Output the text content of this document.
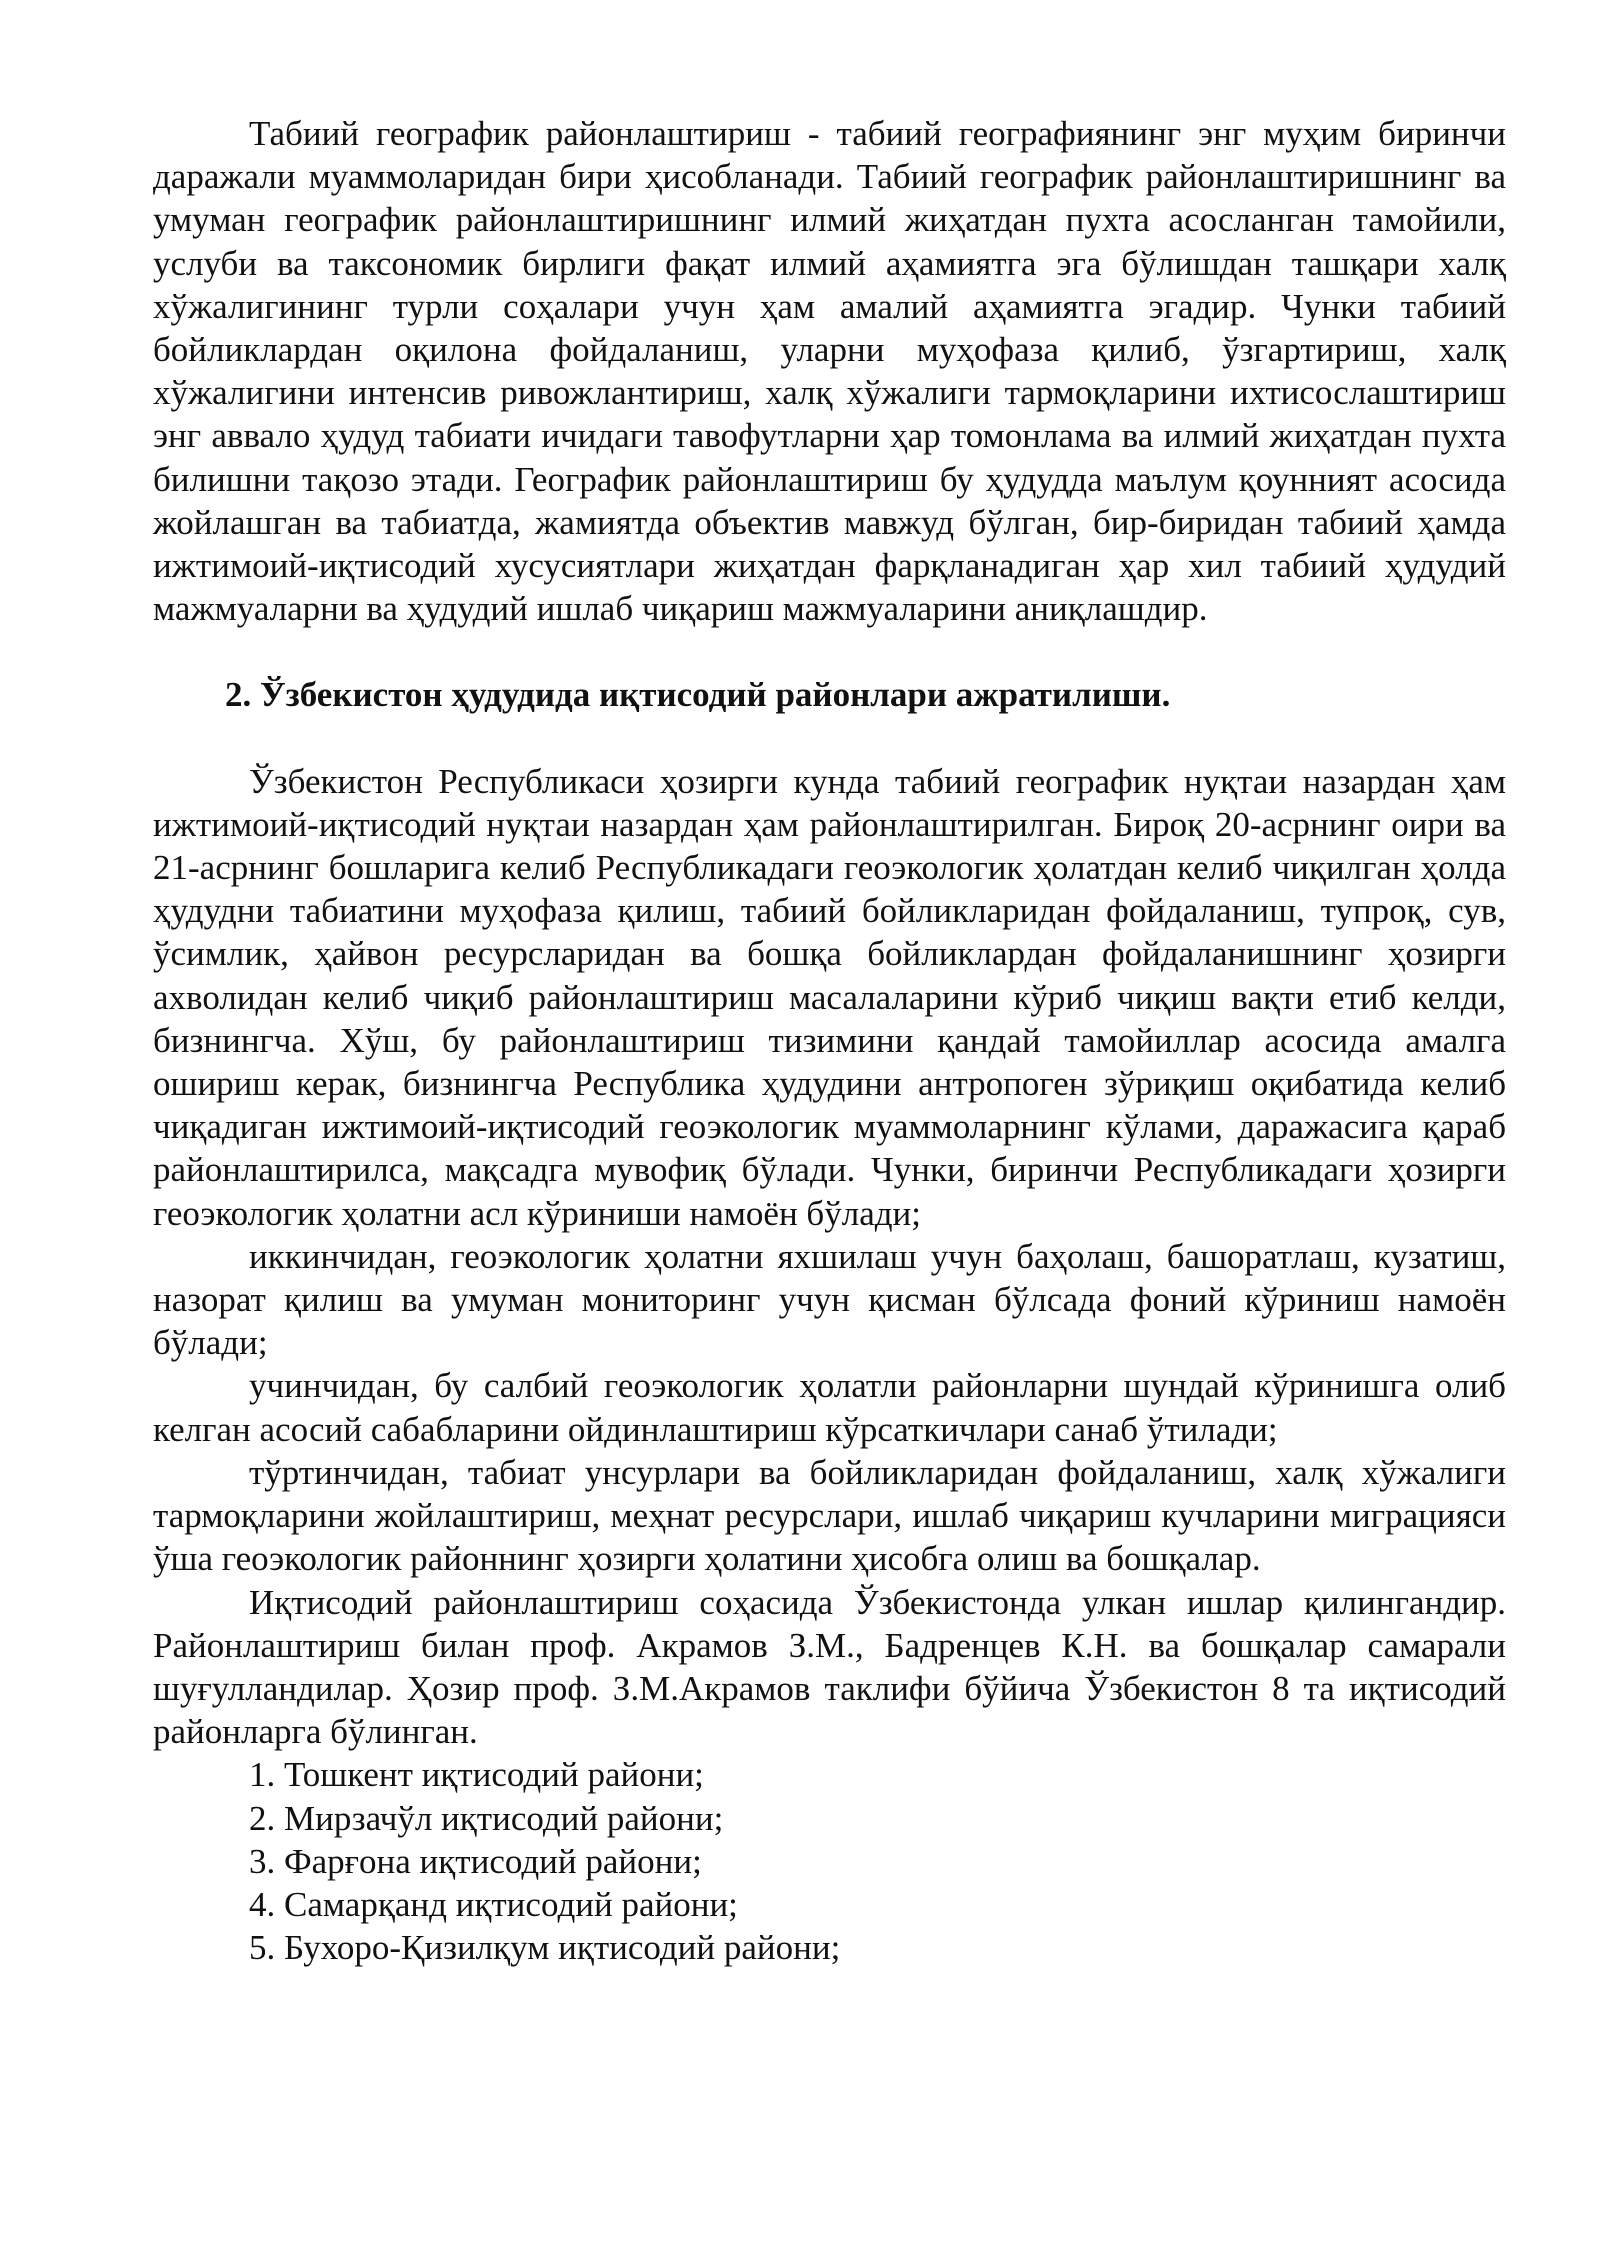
Табиий географик районлаштириш - табиий географиянинг энг муҳим биринчи даражали муаммоларидан бири ҳисобланади. Табиий географик районлаштиришнинг ва умуман географик районлаштиришнинг илмий жиҳатдан пухта асосланган тамойили, услуби ва таксономик бирлиги фақат илмий аҳамиятга эга бўлишдан ташқари халқ хўжалигининг турли соҳалари учун ҳам амалий аҳамиятга эгадир. Чунки табиий бойликлардан оқилона фойдаланиш, уларни муҳофаза қилиб, ўзгартириш, халқ хўжалигини интенсив ривожлантириш, халқ хўжалиги тармоқларини ихтисослаштириш энг аввало ҳудуд табиати ичидаги тавофутларни ҳар томонлама ва илмий жиҳатдан пухта билишни тақозо этади. Географик районлаштириш бу ҳудудда маълум қоунният асосида жойлашган ва табиатда, жамиятда объектив мавжуд бўлган, бир-биридан табиий ҳамда ижтимоий-иқтисодий хусусиятлари жиҳатдан фарқланадиган ҳар хил табиий ҳудудий мажмуаларни ва ҳудудий ишлаб чиқариш мажмуаларини аниқлашдир.

2. Ўзбекистон ҳудудида иқтисодий районлари ажратилиши.

Ўзбекистон Республикаси ҳозирги кунда табиий географик нуқтаи назардан ҳам ижтимоий-иқтисодий нуқтаи назардан ҳам районлаштирилган. Бироқ 20-асрнинг оири ва 21-асрнинг бошларига келиб Республикадаги геоэкологик ҳолатдан келиб чиқилган ҳолда ҳудудни табиатини муҳофаза қилиш, табиий бойликларидан фойдаланиш, тупроқ, сув, ўсимлик, ҳайвон ресурсларидан ва бошқа бойликлардан фойдаланишнинг ҳозирги ахволидан келиб чиқиб районлаштириш масалаларини кўриб чиқиш вақти етиб келди, бизнингча. Хўш, бу районлаштириш тизимини қандай тамойиллар асосида амалга ошириш керак, бизнингча Республика ҳудудини антропоген зўриқиш оқибатида келиб чиқадиган ижтимоий-иқтисодий геоэкологик муаммоларнинг кўлами, даражасига қараб районлаштирилса, мақсадга мувофиқ бўлади. Чунки, биринчи Республикадаги ҳозирги геоэкологик ҳолатни асл кўриниши намоён бўлади;

иккинчидан, геоэкологик ҳолатни яхшилаш учун баҳолаш, башоратлаш, кузатиш, назорат қилиш ва умуман мониторинг учун қисман бўлсада фоний кўриниш намоён бўлади;

учинчидан, бу салбий геоэкологик ҳолатли районларни шундай кўринишга олиб келган асосий сабабларини ойдинлаштириш кўрсаткичлари санаб ўтилади;

тўртинчидан, табиат унсурлари ва бойликларидан фойдаланиш, халқ хўжалиги тармоқларини жойлаштириш, меҳнат ресурслари, ишлаб чиқариш кучларини миграцияси ўша геоэкологик районнинг ҳозирги ҳолатини ҳисобга олиш ва бошқалар.

Иқтисодий районлаштириш соҳасида Ўзбекистонда улкан ишлар қилингандир. Районлаштириш билан проф. Акрамов З.М., Бадренцев К.Н. ва бошқалар самарали шуғулландилар. Ҳозир проф. З.М.Акрамов таклифи бўйича Ўзбекистон 8 та иқтисодий районларга бўлинган.

1. Тошкент иқтисодий райони;
2. Мирзачўл иқтисодий райони;
3. Фарғона иқтисодий райони;
4. Самарқанд иқтисодий райони;
5. Бухоро-Қизилқум иқтисодий райони;
